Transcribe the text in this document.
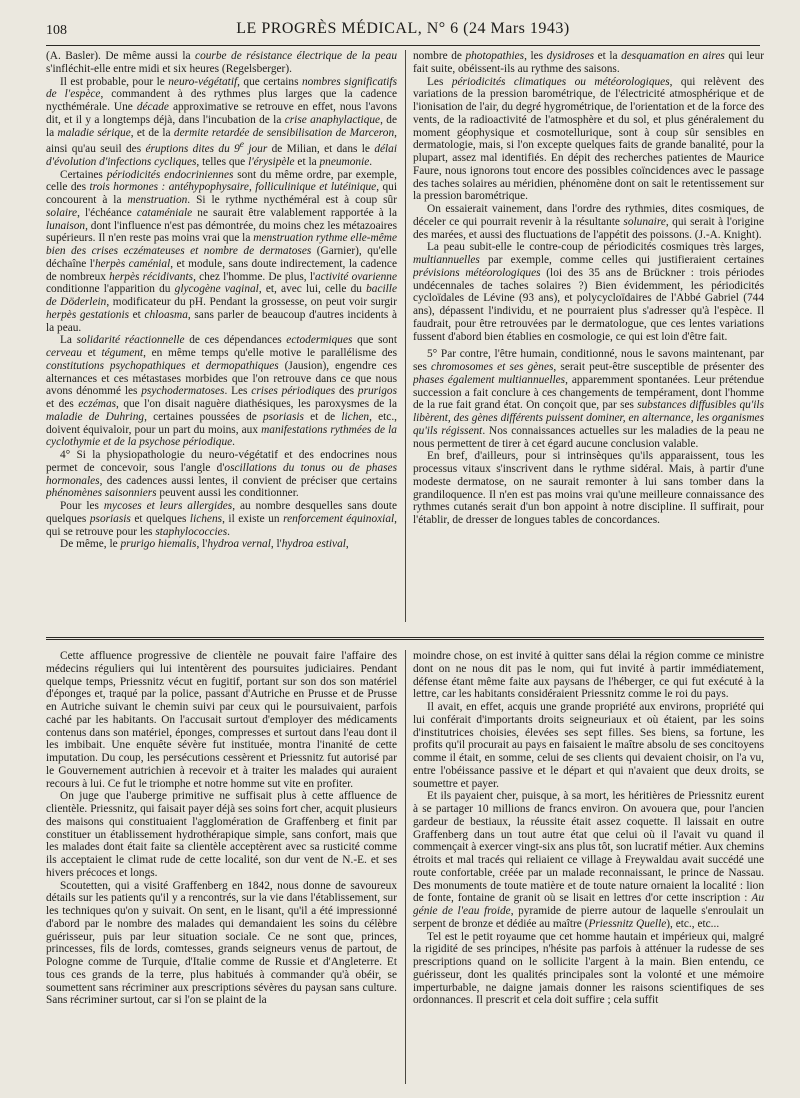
108	LE PROGRÈS MÉDICAL, N° 6 (24 Mars 1943)

(A. Basler). De même aussi la courbe de résistance électrique de la peau s'infléchit-elle entre midi et six heures (Regelsberger).

Il est probable, pour le neuro-végétatif, que certains nombres significatifs de l'espèce, commandent à des rythmes plus larges que la cadence nycthémérale. Une décade approximative se retrouve en effet, nous l'avons dit, et il y a longtemps déjà, dans l'incubation de la crise anaphylactique, de la maladie sérique, et de la dermite retardée de sensibilisation de Marceron, ainsi qu'au seuil des éruptions dites du 9e jour de Milian, et dans le délai d'évolution d'infections cycliques, telles que l'érysipèle et la pneumonie.

Certaines périodicités endocriniennes sont du même ordre, par exemple, celle des trois hormones : antéhypophysaire, folliculinique et lutéinique, qui concourent à la menstruation. Si le rythme nycthéméral est à coup sûr solaire, l'échéance cataméniale ne saurait être valablement rapportée à la lunaison, dont l'influence n'est pas démontrée, du moins chez les métazoaires supérieurs. Il n'en reste pas moins vrai que la menstruation rythme elle-même bien des crises eczémateuses et nombre de dermatoses (Garnier), qu'elle déchaîne l'herpès caménial, et module, sans doute indirectement, la cadence de nombreux herpès récidivants, chez l'homme. De plus, l'activité ovarienne conditionne l'apparition du glycogène vaginal, et, avec lui, celle du bacille de Döderlein, modificateur du pH. Pendant la grossesse, on peut voir surgir herpès gestationis et chloasma, sans parler de beaucoup d'autres incidents à la peau.

La solidarité réactionnelle de ces dépendances ectodermiques que sont cerveau et tégument, en même temps qu'elle motive le parallélisme des constitutions psychopathiques et dermopathiques (Jausion), engendre ces alternances et ces métastases morbides que l'on retrouve dans ce que nous avons dénommé les psychodermatoses. Les crises périodiques des prurigos et des eczémas, que l'on disait naguère diathésiques, les paroxysmes de la maladie de Duhring, certaines poussées de psoriasis et de lichen, etc., doivent équivaloir, pour un part du moins, aux manifestations rythmées de la cyclothymie et de la psychose périodique.

4° Si la physiopathologie du neuro-végétatif et des endocrines nous permet de concevoir, sous l'angle d'oscillations du tonus ou de phases hormonales, des cadences aussi lentes, il convient de préciser que certains phénomènes saisonniers peuvent aussi les conditionner.

Pour les mycoses et leurs allergides, au nombre desquelles sans doute quelques psoriasis et quelques lichens, il existe un renforcement équinoxial, qui se retrouve pour les staphylococcies.

De même, le prurigo hiemalis, l'hydroa vernal, l'hydroa estival,

nombre de photopathies, les dysidroses et la desquamation en aires qui leur fait suite, obéissent-ils au rythme des saisons.

Les périodicités climatiques ou météorologiques, qui relèvent des variations de la pression barométrique, de l'électricité atmosphérique et de l'ionisation de l'air, du degré hygrométrique, de l'orientation et de la force des vents, de la radioactivité de l'atmosphère et du sol, et plus généralement du moment géophysique et cosmotellurique, sont à coup sûr sensibles en dermatologie, mais, si l'on excepte quelques faits de grande banalité, pour la plupart, assez mal identifiés. En dépit des recherches patientes de Maurice Faure, nous ignorons tout encore des possibles coïncidences avec le passage des taches solaires au méridien, phénomène dont on sait le retentissement sur la pression barométrique.

On essaierait vainement, dans l'ordre des rythmies, dites cosmiques, de déceler ce qui pourrait revenir à la résultante solunaire, qui serait à l'origine des marées, et aussi des fluctuations de l'appétit des poissons. (J.-A. Knight).

La peau subit-elle le contre-coup de périodicités cosmiques très larges, multiannuelles par exemple, comme celles qui justifieraient certaines prévisions météorologiques (loi des 35 ans de Brückner : trois périodes undécennales de taches solaires ?) Bien évidemment, les périodicités cycloïdales de Lévine (93 ans), et polycycloïdaires de l'Abbé Gabriel (744 ans), dépassent l'individu, et ne pourraient plus s'adresser qu'à l'espèce. Il faudrait, pour être retrouvées par le dermatologue, que ces lentes variations fussent d'abord bien établies en cosmologie, ce qui est loin d'être fait.

5° Par contre, l'être humain, conditionné, nous le savons maintenant, par ses chromosomes et ses gènes, serait peut-être susceptible de présenter des phases également multiannuelles, apparemment spontanées. Leur prétendue succession a fait conclure à ces changements de tempérament, dont l'homme de la rue fait grand état. On conçoit que, par ses substances diffusibles qu'ils libèrent, des gènes différents puissent dominer, en alternance, les organismes qu'ils régissent. Nos connaissances actuelles sur les maladies de la peau ne nous permettent de tirer à cet égard aucune conclusion valable.

En bref, d'ailleurs, pour si intrinsèques qu'ils apparaissent, tous les processus vitaux s'inscrivent dans le rythme sidéral. Mais, à partir d'une modeste dermatose, on ne saurait remonter à lui sans tomber dans la grandiloquence. Il n'en est pas moins vrai qu'une meilleure connaissance des rythmes cutanés serait d'un bon appoint à notre discipline. Il suffirait, pour l'établir, de dresser de longues tables de concordances.

Cette affluence progressive de clientèle ne pouvait faire l'affaire des médecins réguliers qui lui intentèrent des poursuites judiciaires. Pendant quelque temps, Priessnitz vécut en fugitif, portant sur son dos son matériel d'éponges et, traqué par la police, passant d'Autriche en Prusse et de Prusse en Autriche suivant le chemin suivi par ceux qui le poursuivaient, parfois caché par les habitants. On l'accusait surtout d'employer des médicaments contenus dans son matériel, éponges, compresses et surtout dans l'eau dont il les imbibait. Une enquête sévère fut instituée, montra l'inanité de cette imputation. Du coup, les persécutions cessèrent et Priessnitz fut autorisé par le Gouvernement autrichien à recevoir et à traiter les malades qui auraient recours à lui. Ce fut le triomphe et notre homme sut vite en profiter.

On juge que l'auberge primitive ne suffisait plus à cette affluence de clientèle. Priessnitz, qui faisait payer déjà ses soins fort cher, acquit plusieurs des maisons qui constituaient l'agglomération de Graffenberg et finit par constituer un établissement hydrothérapique simple, sans confort, mais que les malades dont était faite sa clientèle acceptèrent avec sa rusticité comme ils acceptaient le climat rude de cette localité, son dur vent de N.-E. et ses hivers précoces et longs.

Scoutetten, qui a visité Graffenberg en 1842, nous donne de savoureux détails sur les patients qu'il y a rencontrés, sur la vie dans l'établissement, sur les techniques qu'on y suivait. On sent, en le lisant, qu'il a été impressionné d'abord par le nombre des malades qui demandaient les soins du célèbre guérisseur, puis par leur situation sociale. Ce ne sont que, princes, princesses, fils de lords, comtesses, grands seigneurs venus de partout, de Pologne comme de Turquie, d'Italie comme de Russie et d'Angleterre. Et tous ces grands de la terre, plus habitués à commander qu'à obéir, se soumettent sans récriminer aux prescriptions sévères du paysan sans culture. Sans récriminer surtout, car si l'on se plaint de la

moindre chose, on est invité à quitter sans délai la région comme ce ministre dont on ne nous dit pas le nom, qui fut invité à partir immédiatement, défense étant même faite aux paysans de l'héberger, ce qui fut exécuté à la lettre, car les habitants considéraient Priessnitz comme le roi du pays.

Il avait, en effet, acquis une grande propriété aux environs, propriété qui lui conférait d'importants droits seigneuriaux et où étaient, par les soins d'institutrices choisies, élevées ses sept filles. Ses biens, sa fortune, les profits qu'il procurait au pays en faisaient le maître absolu de ses concitoyens comme il était, en somme, celui de ses clients qui devaient choisir, on l'a vu, entre l'obéissance passive et le départ et qui n'avaient que deux droits, se soumettre et payer.

Et ils payaient cher, puisque, à sa mort, les héritières de Priessnitz eurent à se partager 10 millions de francs environ. On avouera que, pour l'ancien gardeur de bestiaux, la réussite était assez coquette. Il laissait en outre Graffenberg dans un tout autre état que celui où il l'avait vu quand il commençait à exercer vingt-six ans plus tôt, son lucratif métier. Aux chemins étroits et mal tracés qui reliaient ce village à Freywaldau avait succédé une route confortable, créée par un malade reconnaissant, le prince de Nassau. Des monuments de toute matière et de toute nature ornaient la localité : lion de fonte, fontaine de granit où se lisait en lettres d'or cette inscription : Au génie de l'eau froide, pyramide de pierre autour de laquelle s'enroulait un serpent de bronze et dédiée au maître (Priessnitz Quelle), etc., etc...

Tel est le petit royaume que cet homme hautain et impérieux qui, malgré la rigidité de ses principes, n'hésite pas parfois à atténuer la rudesse de ses prescriptions quand on le sollicite l'argent à la main. Bien entendu, ce guérisseur, dont les qualités principales sont la volonté et une mémoire imperturbable, ne daigne jamais donner les raisons scientifiques de ses ordonnances. Il prescrit et cela doit suffire ; cela suffit
